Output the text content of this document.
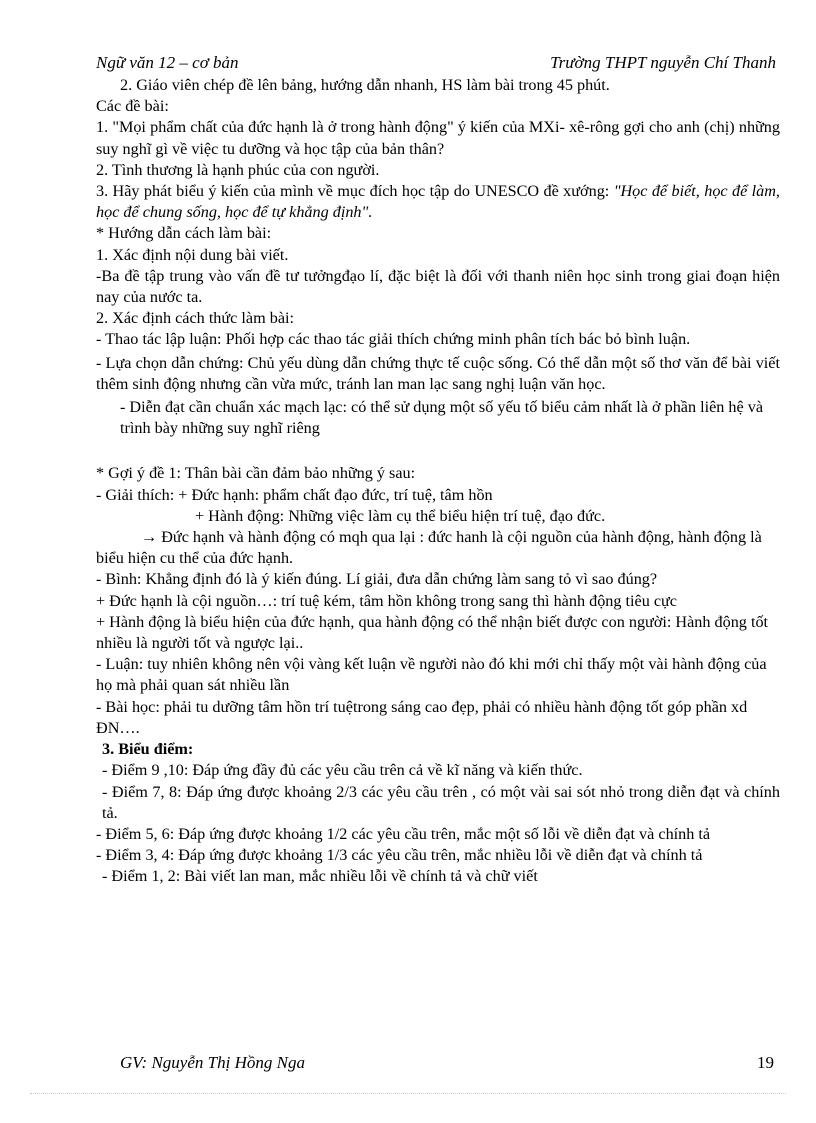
Ngữ văn 12 – cơ bản	Trường THPT nguyễn Chí Thanh

2. Giáo viên chép đề lên bảng, hướng dẫn nhanh, HS làm bài trong 45 phút.

Các đề bài:

1. "Mọi phẩm chất của đức hạnh là ở trong hành động" ý kiến của MXi- xê-rông gợi cho anh (chị) những suy nghĩ gì về việc tu dưỡng và học tập của bản thân?

2. Tình thương là hạnh phúc của con người.

3. Hãy phát biểu ý kiến của mình về mục đích học tập do UNESCO đề xướng: "Học để biết, học để làm, học để chung sống, học để tự khẳng định".

* Hướng dẫn cách làm bài:

1. Xác định nội dung bài viết.

-Ba đề tập trung vào vấn đề tư tưởngđạo lí, đặc biệt là đối với thanh niên học sinh trong giai đoạn hiện nay của nước ta.

2. Xác định cách thức làm bài:

- Thao tác lập luận: Phối hợp các thao tác giải thích chứng minh phân tích bác bỏ bình luận.

- Lựa chọn dẫn chứng: Chủ yếu dùng dẫn chứng thực tế cuộc sống. Có thể dẫn một số thơ văn để bài viết thêm sinh động nhưng cần vừa mức, tránh lan man lạc sang nghị luận văn học.

- Diễn đạt cần chuẩn xác mạch lạc: có thể sử dụng một số yếu tố biểu cảm nhất là ở phần liên hệ và trình bày những suy nghĩ riêng

* Gợi ý đề 1: Thân bài cần đảm bảo những ý sau:

- Giải thích: + Đức hạnh: phẩm chất đạo đức, trí tuệ, tâm hồn

+ Hành động: Những việc làm cụ thể biểu hiện trí tuệ, đạo đức.

→ Đức hạnh và hành động có mqh qua lại : đức hanh là cội nguồn của hành động, hành động là biểu hiện cu thể của đức hạnh.

- Bình: Khẳng định đó là ý kiến đúng. Lí giải, đưa dẫn chứng làm sang tỏ vì sao đúng?

+ Đức hạnh là cội nguồn…: trí tuệ kém, tâm hồn không trong sang thì hành động tiêu cực

+ Hành động là biểu hiện của đức hạnh, qua hành động có thể nhận biết được con người: Hành động tốt nhiều là người tốt và ngược lại..

- Luận: tuy nhiên không nên vội vàng kết luận về người nào đó khi mới chỉ thấy một vài hành động của họ mà phải quan sát nhiều lần

- Bài học: phải tu dưỡng tâm hồn trí tuệtrong sáng cao đẹp, phải có nhiều hành động tốt góp phần xd ĐN….

3. Biểu điểm:

- Điểm 9 ,10: Đáp ứng đầy đủ các yêu cầu trên cả về kĩ năng và kiến thức.

- Điểm 7, 8: Đáp ứng được khoảng 2/3 các yêu cầu trên , có một vài sai sót nhỏ trong diễn đạt và chính tả.

- Điểm 5, 6: Đáp ứng được khoảng 1/2 các yêu cầu trên, mắc một số lỗi về diễn đạt và chính tả

- Điểm 3, 4: Đáp ứng được khoảng 1/3 các yêu cầu trên, mắc nhiều lỗi về diễn đạt và chính tả

- Điểm 1, 2: Bài viết lan man, mắc nhiều lỗi về chính tả và chữ viết

GV: Nguyễn Thị Hồng Nga	19
